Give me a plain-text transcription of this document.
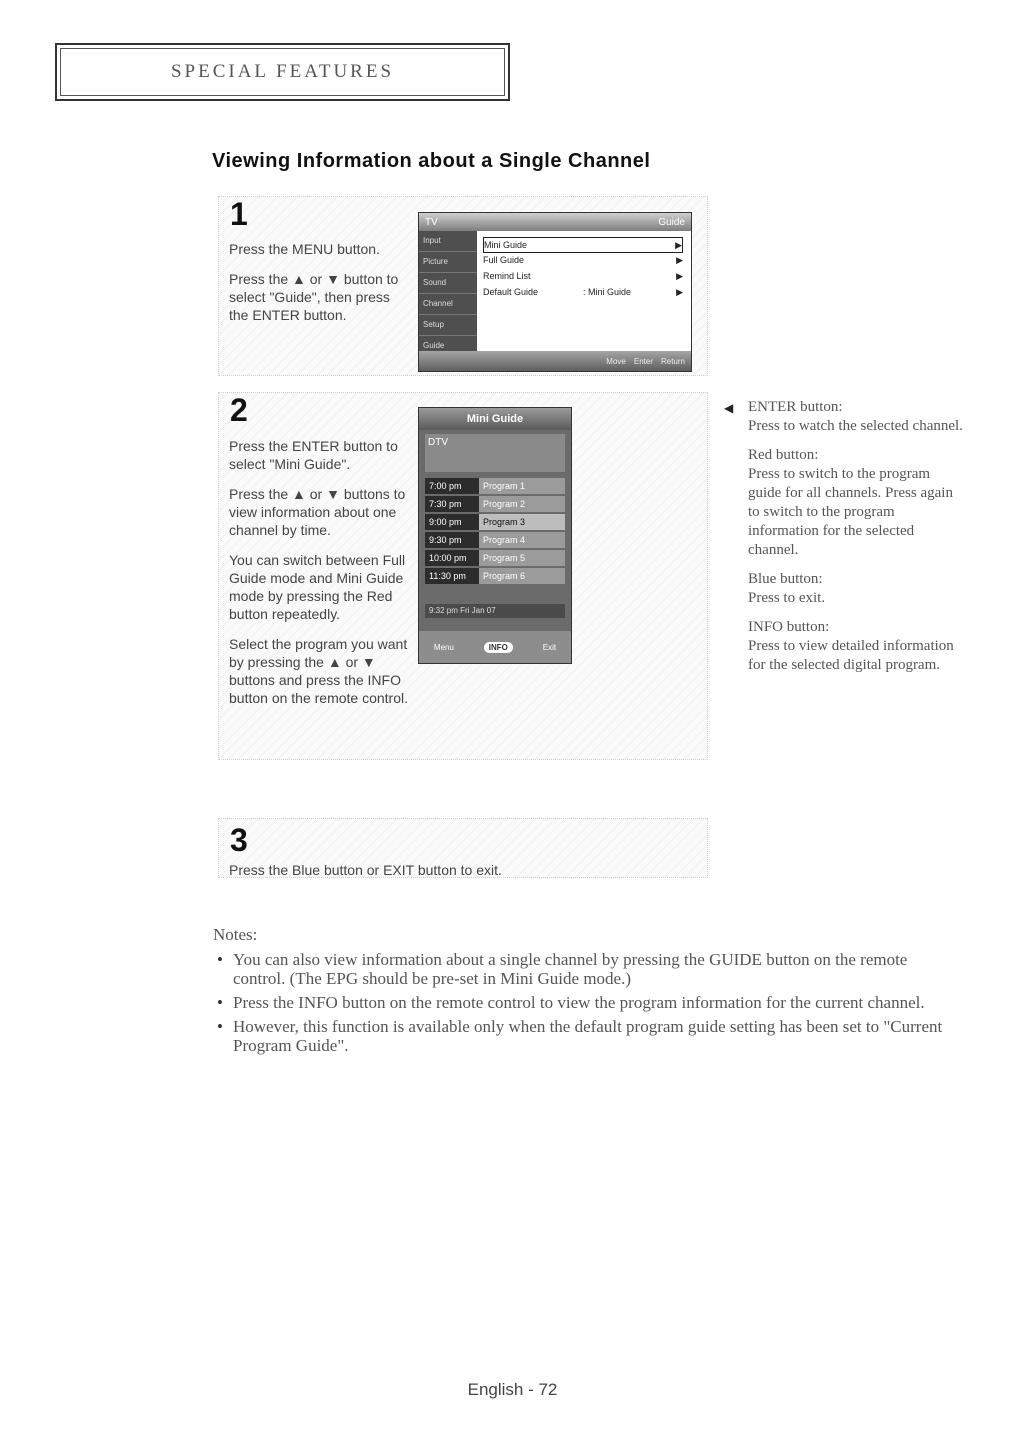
SPECIAL FEATURES
Viewing Information about a Single Channel
1

Press the MENU button.

Press the ▲ or ▼ button to select "Guide", then press the ENTER button.

TV	Guide
Input
Picture
Sound
Channel
Setup
Guide
Mini Guide	▶
Full Guide	▶
Remind List	▶
Default Guide	: Mini Guide	▶
Move Enter Return
2

Press the ENTER button to select "Mini Guide".

Press the ▲ or ▼ buttons to view information about one channel by time.

You can switch between Full Guide mode and Mini Guide mode by pressing the Red button repeatedly.

Select the program you want by pressing the ▲ or ▼ buttons and press the INFO button on the remote control.

Mini Guide
DTV
7:00 pm	Program 1
7:30 pm	Program 2
9:00 pm	Program 3
9:30 pm	Program 4
10:00 pm	Program 5
11:30 pm	Program 6
9:32 pm Fri Jan 07
Menu	INFO	Exit

◀ ENTER button:
Press to watch the selected channel.

Red button:
Press to switch to the program guide for all channels. Press again to switch to the program information for the selected channel.

Blue button:
Press to exit.

INFO button:
Press to view detailed information for the selected digital program.

3
Press the Blue button or EXIT button to exit.
Notes:
• You can also view information about a single channel by pressing the GUIDE button on the remote control. (The EPG should be pre-set in Mini Guide mode.)
• Press the INFO button on the remote control to view the program information for the current channel.
• However, this function is available only when the default program guide setting has been set to "Current Program Guide".
English - 72
